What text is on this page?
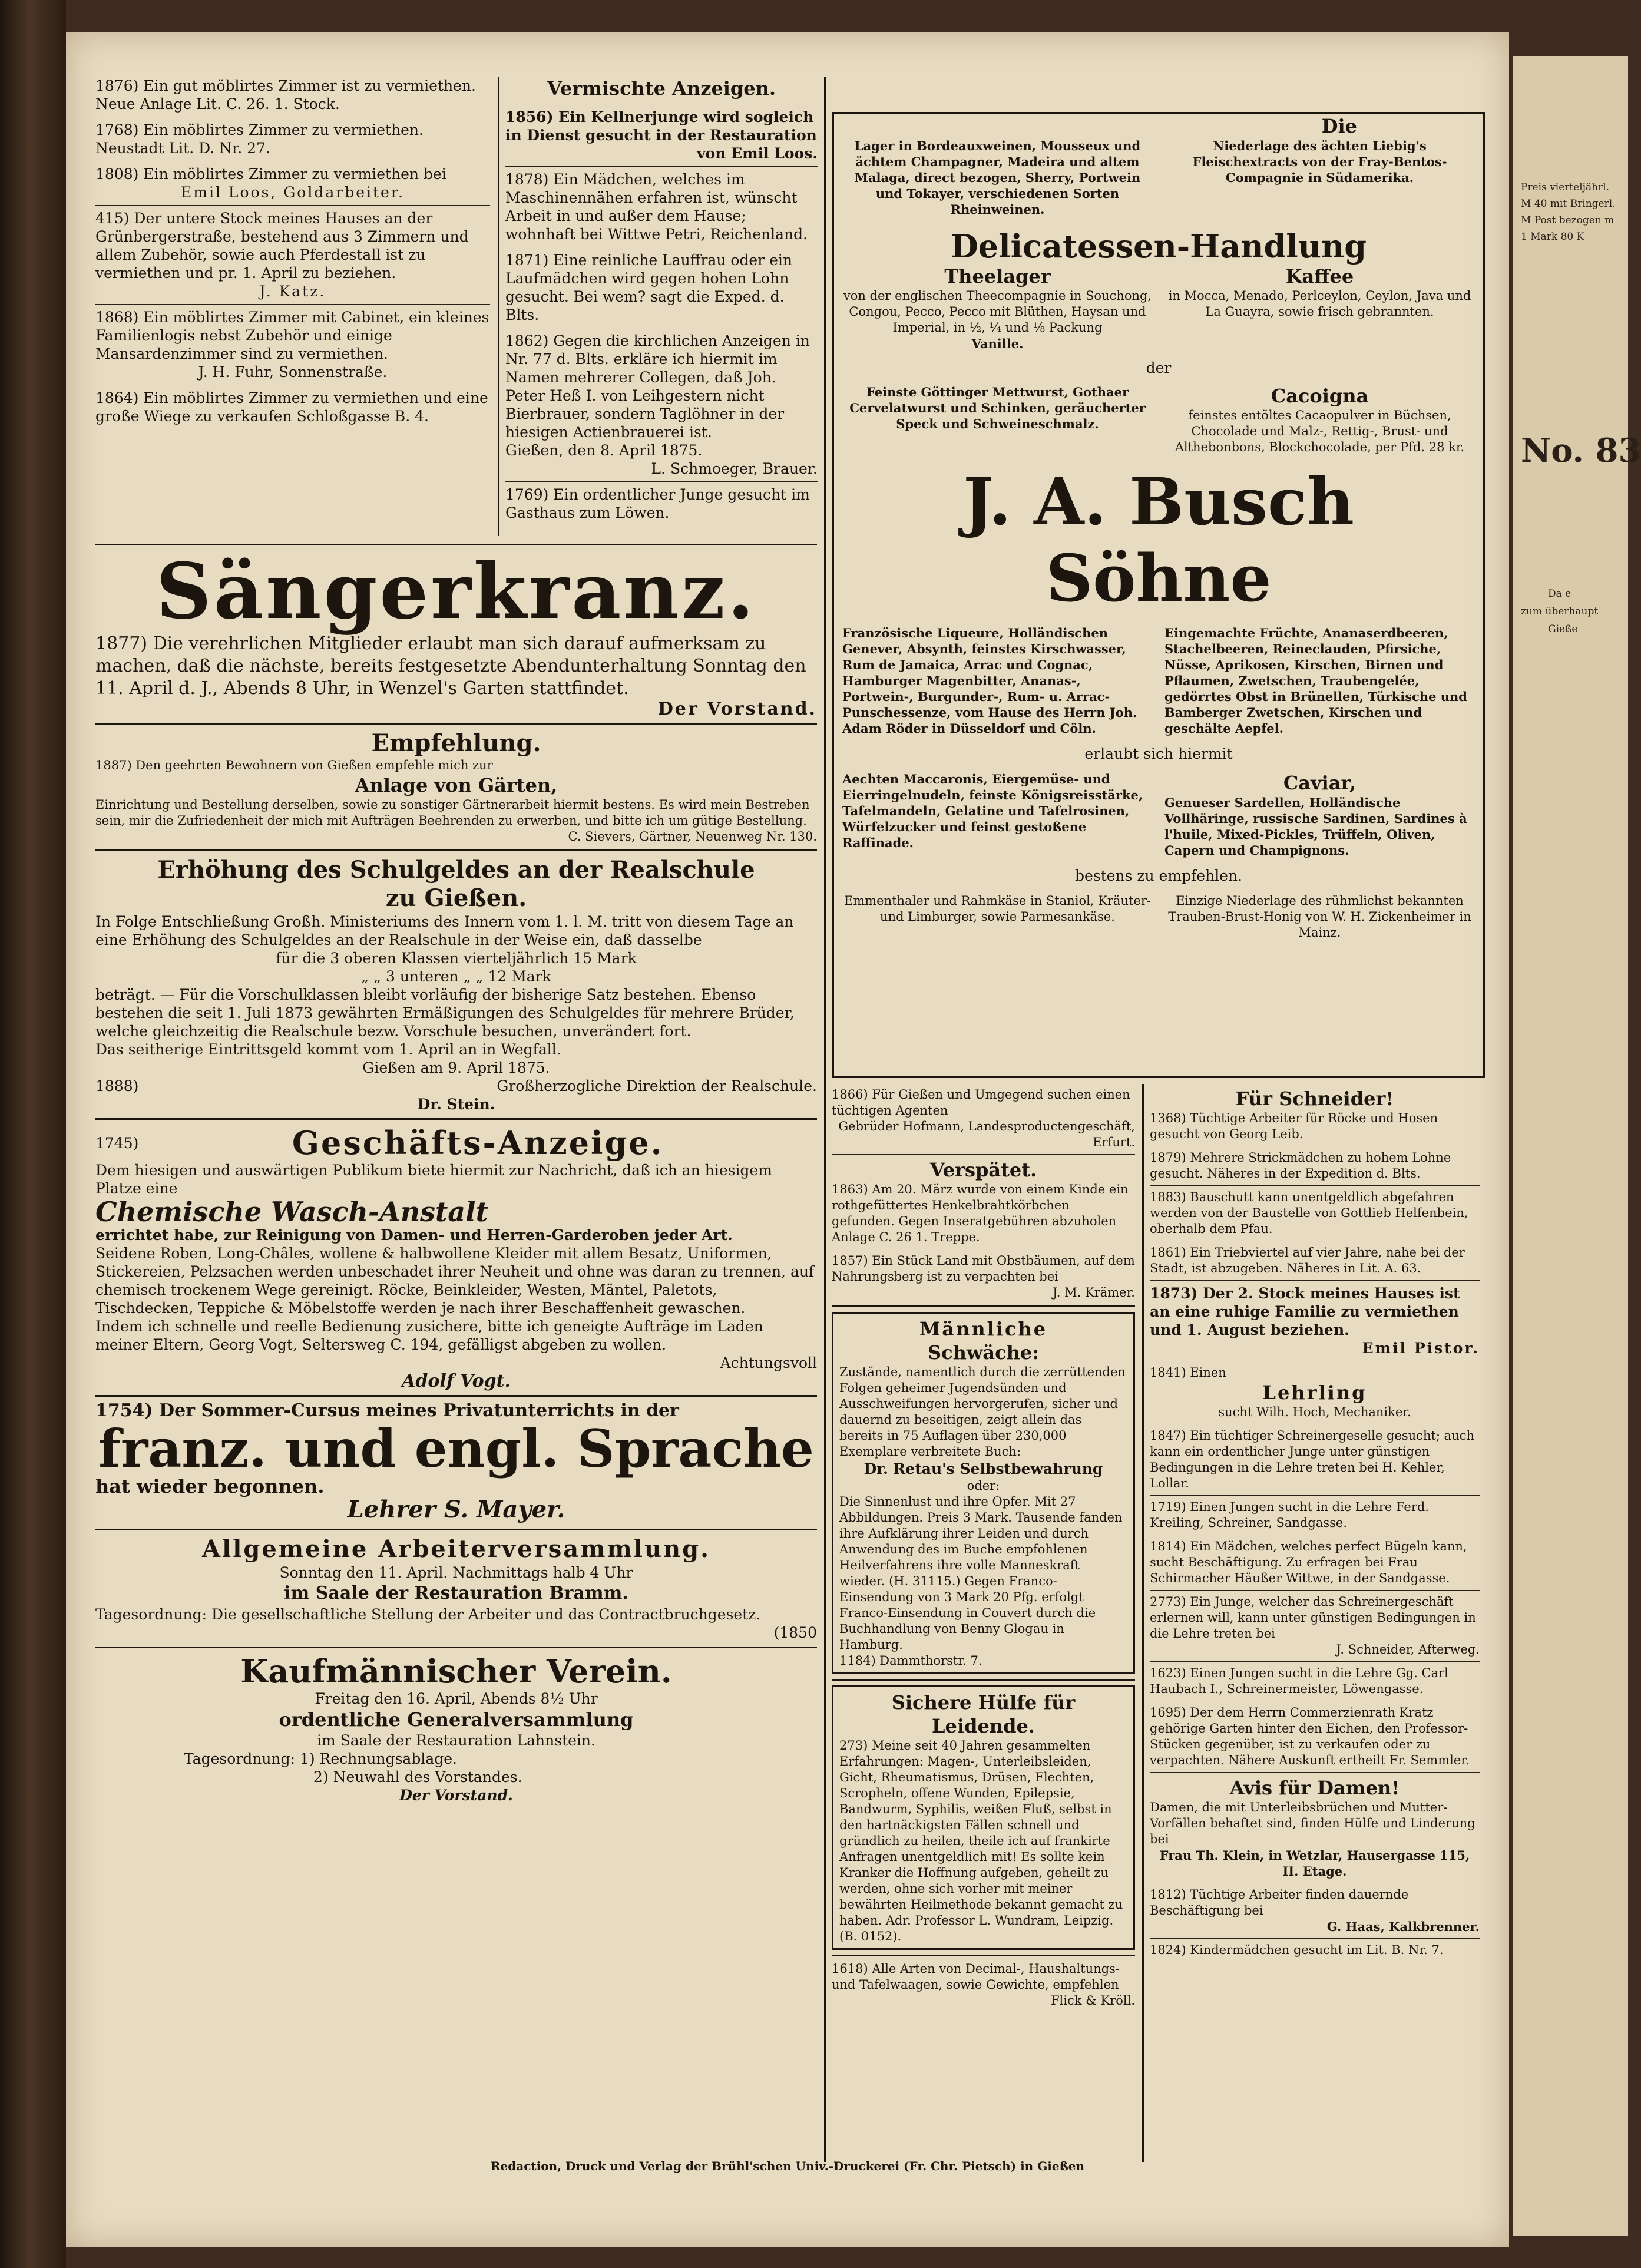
1876) Ein gut möblirtes Zimmer ist zu vermiethen. Neue Anlage Lit. C. 26. 1. Stock.
1768) Ein möblirtes Zimmer zu vermiethen. Neustadt Lit. D. Nr. 27.
1808) Ein möblirtes Zimmer zu vermiethen bei
Emil Loos, Goldarbeiter.
415) Der untere Stock meines Hauses an der Grünbergerstraße, bestehend aus 3 Zimmern und allem Zubehör, sowie auch Pferdestall ist zu vermiethen und pr. 1. April zu beziehen.
J. Katz.
1868) Ein möblirtes Zimmer mit Cabinet, ein kleines Familienlogis nebst Zubehör und einige Mansardenzimmer sind zu vermiethen.
J. H. Fuhr, Sonnenstraße.
1864) Ein möblirtes Zimmer zu vermiethen und eine große Wiege zu verkaufen Schloßgasse B. 4.
Vermischte Anzeigen.
1856) Ein Kellnerjunge wird sogleich in Dienst gesucht in der Restauration
von Emil Loos.
1878) Ein Mädchen, welches im Maschinennähen erfahren ist, wünscht Arbeit in und außer dem Hause; wohnhaft bei Wittwe Petri, Reichenland.
1871) Eine reinliche Lauffrau oder ein Laufmädchen wird gegen hohen Lohn gesucht. Bei wem? sagt die Exped. d. Blts.
1862) Gegen die kirchlichen Anzeigen in Nr. 77 d. Blts. erkläre ich hiermit im Namen mehrerer Collegen, daß Joh. Peter Heß I. von Leihgestern nicht Bierbrauer, sondern Taglöhner in der hiesigen Actienbrauerei ist.
Gießen, den 8. April 1875.
L. Schmoeger, Brauer.
1769) Ein ordentlicher Junge gesucht im Gasthaus zum Löwen.
Sängerkranz.
1877) Die verehrlichen Mitglieder erlaubt man sich darauf aufmerksam zu machen, daß die nächste, bereits festgesetzte Abendunterhaltung Sonntag den 11. April d. J., Abends 8 Uhr, in Wenzel's Garten stattfindet.
Der Vorstand.
Empfehlung.
1887) Den geehrten Bewohnern von Gießen empfehle mich zur
Anlage von Gärten,
Einrichtung und Bestellung derselben, sowie zu sonstiger Gärtnerarbeit hiermit bestens. Es wird mein Bestreben sein, mir die Zufriedenheit der mich mit Aufträgen Beehrenden zu erwerben, und bitte ich um gütige Bestellung.
C. Sievers, Gärtner, Neuenweg Nr. 130.
Erhöhung des Schulgeldes an der Realschule
zu Gießen.
In Folge Entschließung Großh. Ministeriums des Innern vom 1. l. M. tritt von diesem Tage an eine Erhöhung des Schulgeldes an der Realschule in der Weise ein, daß dasselbe
für die 3 oberen Klassen vierteljährlich 15 Mark
„ „ 3 unteren „ „ 12 Mark
beträgt. — Für die Vorschulklassen bleibt vorläufig der bisherige Satz bestehen. Ebenso bestehen die seit 1. Juli 1873 gewährten Ermäßigungen des Schulgeldes für mehrere Brüder, welche gleichzeitig die Realschule bezw. Vorschule besuchen, unverändert fort.
Das seitherige Eintrittsgeld kommt vom 1. April an in Wegfall.
Gießen am 9. April 1875.
1888)	Großherzogliche Direktion der Realschule.
Dr. Stein.
1745)	Geschäfts-Anzeige.
Dem hiesigen und auswärtigen Publikum biete hiermit zur Nachricht, daß ich an hiesigem Platze eine
Chemische Wasch-Anstalt
errichtet habe, zur Reinigung von Damen- und Herren-Garderoben jeder Art.
Seidene Roben, Long-Châles, wollene & halbwollene Kleider mit allem Besatz, Uniformen, Stickereien, Pelzsachen werden unbeschadet ihrer Neuheit und ohne was daran zu trennen, auf chemisch trockenem Wege gereinigt. Röcke, Beinkleider, Westen, Mäntel, Paletots, Tischdecken, Teppiche & Möbelstoffe werden je nach ihrer Beschaffenheit gewaschen.
Indem ich schnelle und reelle Bedienung zusichere, bitte ich geneigte Aufträge im Laden meiner Eltern, Georg Vogt, Seltersweg C. 194, gefälligst abgeben zu wollen.
Achtungsvoll
Adolf Vogt.
1754) Der Sommer-Cursus meines Privatunterrichts in der
franz. und engl. Sprache
hat wieder begonnen.
Lehrer S. Mayer.
Allgemeine Arbeiterversammlung.
Sonntag den 11. April. Nachmittags halb 4 Uhr
im Saale der Restauration Bramm.
Tagesordnung: Die gesellschaftliche Stellung der Arbeiter und das Contractbruchgesetz.
(1850
Kaufmännischer Verein.
Freitag den 16. April, Abends 8½ Uhr
ordentliche Generalversammlung
im Saale der Restauration Lahnstein.
Tagesordnung: 1) Rechnungsablage.
2) Neuwahl des Vorstandes.
Der Vorstand.
Die
Lager in Bordeauxweinen, Mousseux und ächtem Champagner, Madeira und altem Malaga, direct bezogen, Sherry, Portwein und Tokayer, verschiedenen Sorten Rheinweinen.
Niederlage des ächten Liebig's Fleischextracts von der Fray-Bentos-Compagnie in Südamerika.
Delicatessen-Handlung
Theelager
von der englischen Theecompagnie in Souchong, Congou, Pecco, Pecco mit Blüthen, Haysan und Imperial, in ½, ¼ und ⅛ Packung
Vanille.
Kaffee
in Mocca, Menado, Perlceylon, Ceylon, Java und La Guayra, sowie frisch gebrannten.
der
Feinste Göttinger Mettwurst, Gothaer Cervelatwurst und Schinken, geräucherter Speck und Schweineschmalz.
Cacoigna
feinstes entöltes Cacaopulver in Büchsen, Chocolade und Malz-, Rettig-, Brust- und Althebonbons, Blockchocolade, per Pfd. 28 kr.
J. A. Busch Söhne
Französische Liqueure, Holländischen Genever, Absynth, feinstes Kirschwasser, Rum de Jamaica, Arrac und Cognac, Hamburger Magenbitter, Ananas-, Portwein-, Burgunder-, Rum- u. Arrac-Punschessenze, vom Hause des Herrn Joh. Adam Röder in Düsseldorf und Cöln.
Eingemachte Früchte, Ananaserdbeeren, Stachelbeeren, Reineclauden, Pfirsiche, Nüsse, Aprikosen, Kirschen, Birnen und Pflaumen, Zwetschen, Traubengelée, gedörrtes Obst in Brünellen, Türkische und Bamberger Zwetschen, Kirschen und geschälte Aepfel.
erlaubt sich hiermit
Aechten Maccaronis, Eiergemüse- und Eierringelnudeln, feinste Königsreisstärke, Tafelmandeln, Gelatine und Tafelrosinen, Würfelzucker und feinst gestoßene Raffinade.
Caviar,
Genueser Sardellen, Holländische Vollhäringe, russische Sardinen, Sardines à l'huile, Mixed-Pickles, Trüffeln, Oliven, Capern und Champignons.
bestens zu empfehlen.
Emmenthaler und Rahmkäse in Staniol, Kräuter- und Limburger, sowie Parmesankäse.
Einzige Niederlage des rühmlichst bekannten Trauben-Brust-Honig von W. H. Zickenheimer in Mainz.
1866) Für Gießen und Umgegend suchen einen tüchtigen Agenten
Gebrüder Hofmann, Landesproductengeschäft, Erfurt.
Verspätet.
1863) Am 20. März wurde von einem Kinde ein rothgefüttertes Henkelbrahtkörbchen gefunden. Gegen Inseratgebühren abzuholen Anlage C. 26 1. Treppe.
1857) Ein Stück Land mit Obstbäumen, auf dem Nahrungsberg ist zu verpachten bei
J. M. Krämer.
Männliche
Schwäche:
Zustände, namentlich durch die zerrüttenden Folgen geheimer Jugendsünden und Ausschweifungen hervorgerufen, sicher und dauernd zu beseitigen, zeigt allein das bereits in 75 Auflagen über 230,000 Exemplare verbreitete Buch:
Dr. Retau's Selbstbewahrung
oder:
Die Sinnenlust und ihre Opfer. Mit 27 Abbildungen. Preis 3 Mark. Tausende fanden ihre Aufklärung ihrer Leiden und durch Anwendung des im Buche empfohlenen Heilverfahrens ihre volle Manneskraft wieder. (H. 31115.) Gegen Franco-Einsendung von 3 Mark 20 Pfg. erfolgt Franco-Einsendung in Couvert durch die Buchhandlung von Benny Glogau in Hamburg.
1184) Dammthorstr. 7.
Sichere Hülfe für Leidende.
273) Meine seit 40 Jahren gesammelten Erfahrungen: Magen-, Unterleibsleiden, Gicht, Rheumatismus, Drüsen, Flechten, Scropheln, offene Wunden, Epilepsie, Bandwurm, Syphilis, weißen Fluß, selbst in den hartnäckigsten Fällen schnell und gründlich zu heilen, theile ich auf frankirte Anfragen unentgeldlich mit! Es sollte kein Kranker die Hoffnung aufgeben, geheilt zu werden, ohne sich vorher mit meiner bewährten Heilmethode bekannt gemacht zu haben. Adr. Professor L. Wundram, Leipzig. (B. 0152).
1618) Alle Arten von Decimal-, Haushaltungs- und Tafelwaagen, sowie Gewichte, empfehlen
Flick & Kröll.
Für Schneider!
1368) Tüchtige Arbeiter für Röcke und Hosen gesucht von Georg Leib.
1879) Mehrere Strickmädchen zu hohem Lohne gesucht. Näheres in der Expedition d. Blts.
1883) Bauschutt kann unentgeldlich abgefahren werden von der Baustelle von Gottlieb Helfenbein, oberhalb dem Pfau.
1861) Ein Triebviertel auf vier Jahre, nahe bei der Stadt, ist abzugeben. Näheres in Lit. A. 63.
1873) Der 2. Stock meines Hauses ist an eine ruhige Familie zu vermiethen und 1. August beziehen.
Emil Pistor.
1841) Einen
Lehrling
sucht Wilh. Hoch, Mechaniker.
1847) Ein tüchtiger Schreinergeselle gesucht; auch kann ein ordentlicher Junge unter günstigen Bedingungen in die Lehre treten bei H. Kehler, Lollar.
1719) Einen Jungen sucht in die Lehre Ferd. Kreiling, Schreiner, Sandgasse.
1814) Ein Mädchen, welches perfect Bügeln kann, sucht Beschäftigung. Zu erfragen bei Frau Schirmacher Häußer Wittwe, in der Sandgasse.
2773) Ein Junge, welcher das Schreinergeschäft erlernen will, kann unter günstigen Bedingungen in die Lehre treten bei
J. Schneider, Afterweg.
1623) Einen Jungen sucht in die Lehre Gg. Carl Haubach I., Schreinermeister, Löwengasse.
1695) Der dem Herrn Commerzienrath Kratz gehörige Garten hinter den Eichen, den Professor-Stücken gegenüber, ist zu verkaufen oder zu verpachten. Nähere Auskunft ertheilt Fr. Semmler.
Avis für Damen!
Damen, die mit Unterleibsbrüchen und Mutter-Vorfällen behaftet sind, finden Hülfe und Linderung bei
Frau Th. Klein, in Wetzlar, Hausergasse 115, II. Etage.
1812) Tüchtige Arbeiter finden dauernde Beschäftigung bei
G. Haas, Kalkbrenner.
1824) Kindermädchen gesucht im Lit. B. Nr. 7.
Redaction, Druck und Verlag der Brühl'schen Univ.-Druckerei (Fr. Chr. Pietsch) in Gießen
Preis vierteljährl.
M 40 mit Bringerl.
M Post bezogen m
1 Mark 80 K
No. 83
Da e
zum überhaupt
Gieße
